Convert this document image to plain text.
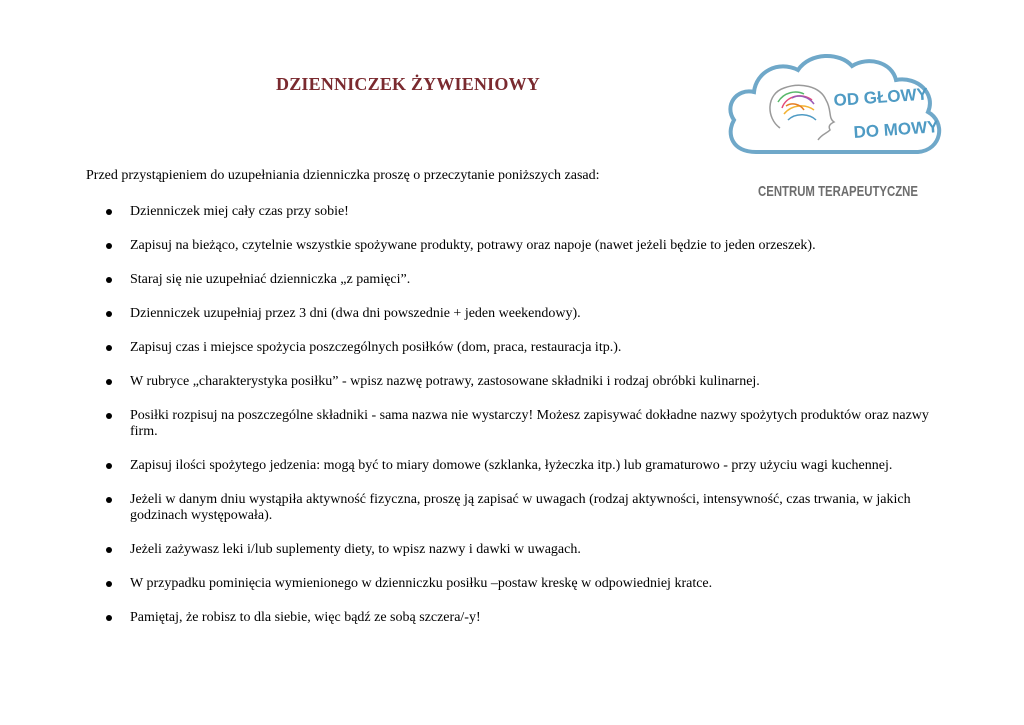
DZIENNICZEK ŻYWIENIOWY
OD GŁOWY
DO MOWY
CENTRUM TERAPEUTYCZNE
Przed przystąpieniem do uzupełniania dzienniczka proszę o przeczytanie poniższych zasad:
Dzienniczek miej cały czas przy sobie!
Zapisuj na bieżąco, czytelnie wszystkie spożywane produkty, potrawy oraz napoje (nawet jeżeli będzie to jeden orzeszek).
Staraj się nie uzupełniać dzienniczka „z pamięci”.
Dzienniczek uzupełniaj przez 3 dni (dwa dni powszednie + jeden weekendowy).
Zapisuj czas i miejsce spożycia poszczególnych posiłków (dom, praca, restauracja itp.).
W rubryce „charakterystyka posiłku” - wpisz nazwę potrawy, zastosowane składniki i rodzaj obróbki kulinarnej.
Posiłki rozpisuj na poszczególne składniki - sama nazwa nie wystarczy! Możesz zapisywać dokładne nazwy spożytych produktów oraz nazwy firm.
Zapisuj ilości spożytego jedzenia: mogą być to miary domowe (szklanka, łyżeczka itp.) lub gramaturowo - przy użyciu wagi kuchennej.
Jeżeli w danym dniu wystąpiła aktywność fizyczna, proszę ją zapisać w uwagach (rodzaj aktywności, intensywność, czas trwania, w jakich godzinach występowała).
Jeżeli zażywasz leki i/lub suplementy diety, to wpisz nazwy i dawki w uwagach.
W przypadku pominięcia wymienionego w dzienniczku posiłku –postaw kreskę w odpowiedniej kratce.
Pamiętaj, że robisz to dla siebie, więc bądź ze sobą szczera/-y!
